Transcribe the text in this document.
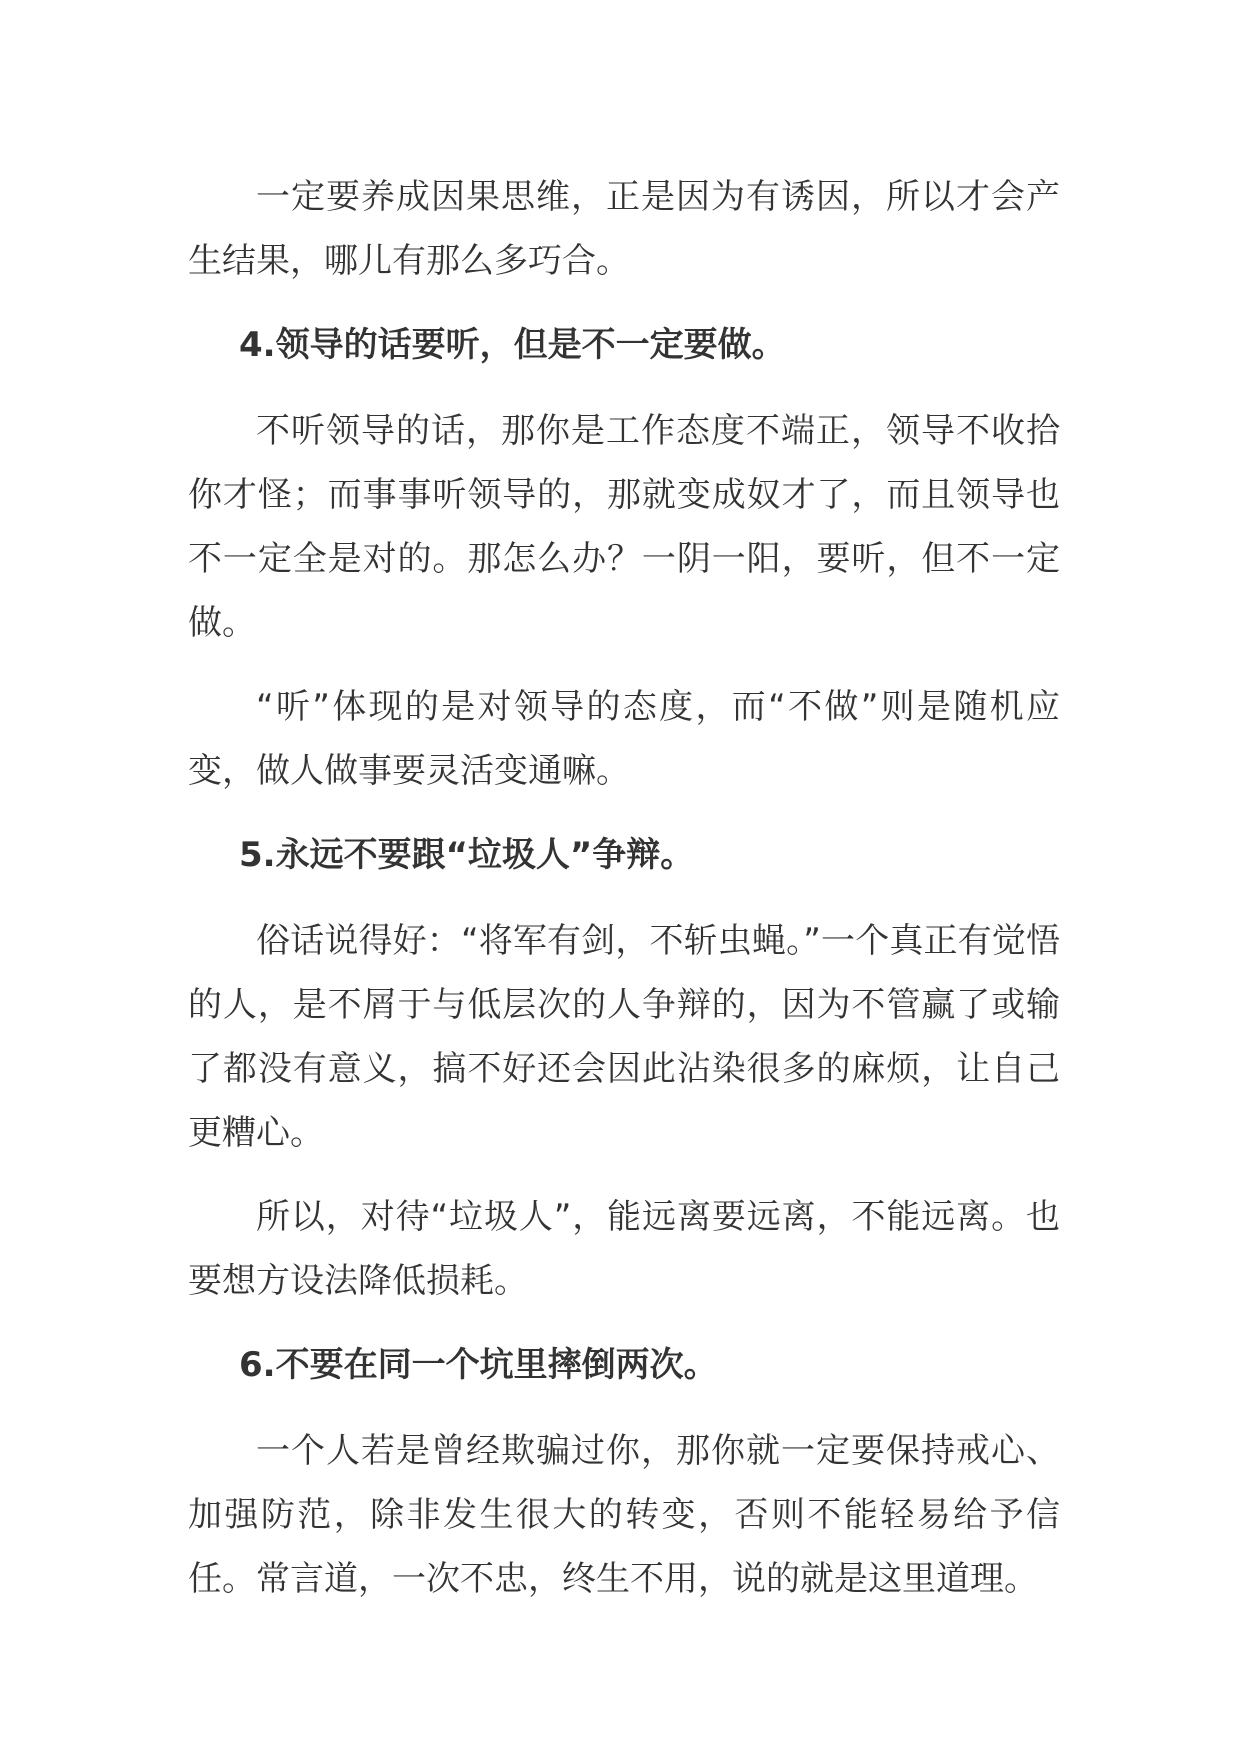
一定要养成因果思维，正是因为有诱因，所以才会产生结果，哪儿有那么多巧合。

4.领导的话要听，但是不一定要做。

不听领导的话，那你是工作态度不端正，领导不收拾你才怪；而事事听领导的，那就变成奴才了，而且领导也不一定全是对的。那怎么办？一阴一阳，要听，但不一定做。

“听”体现的是对领导的态度，而“不做”则是随机应变，做人做事要灵活变通嘛。

5.永远不要跟“垃圾人”争辩。

俗话说得好：“将军有剑，不斩虫蝇。”一个真正有觉悟的人，是不屑于与低层次的人争辩的，因为不管赢了或输了都没有意义，搞不好还会因此沾染很多的麻烦，让自己更糟心。

所以，对待“垃圾人”，能远离要远离，不能远离。也要想方设法降低损耗。

6.不要在同一个坑里摔倒两次。

一个人若是曾经欺骗过你，那你就一定要保持戒心、加强防范，除非发生很大的转变，否则不能轻易给予信任。常言道，一次不忠，终生不用，说的就是这里道理。
